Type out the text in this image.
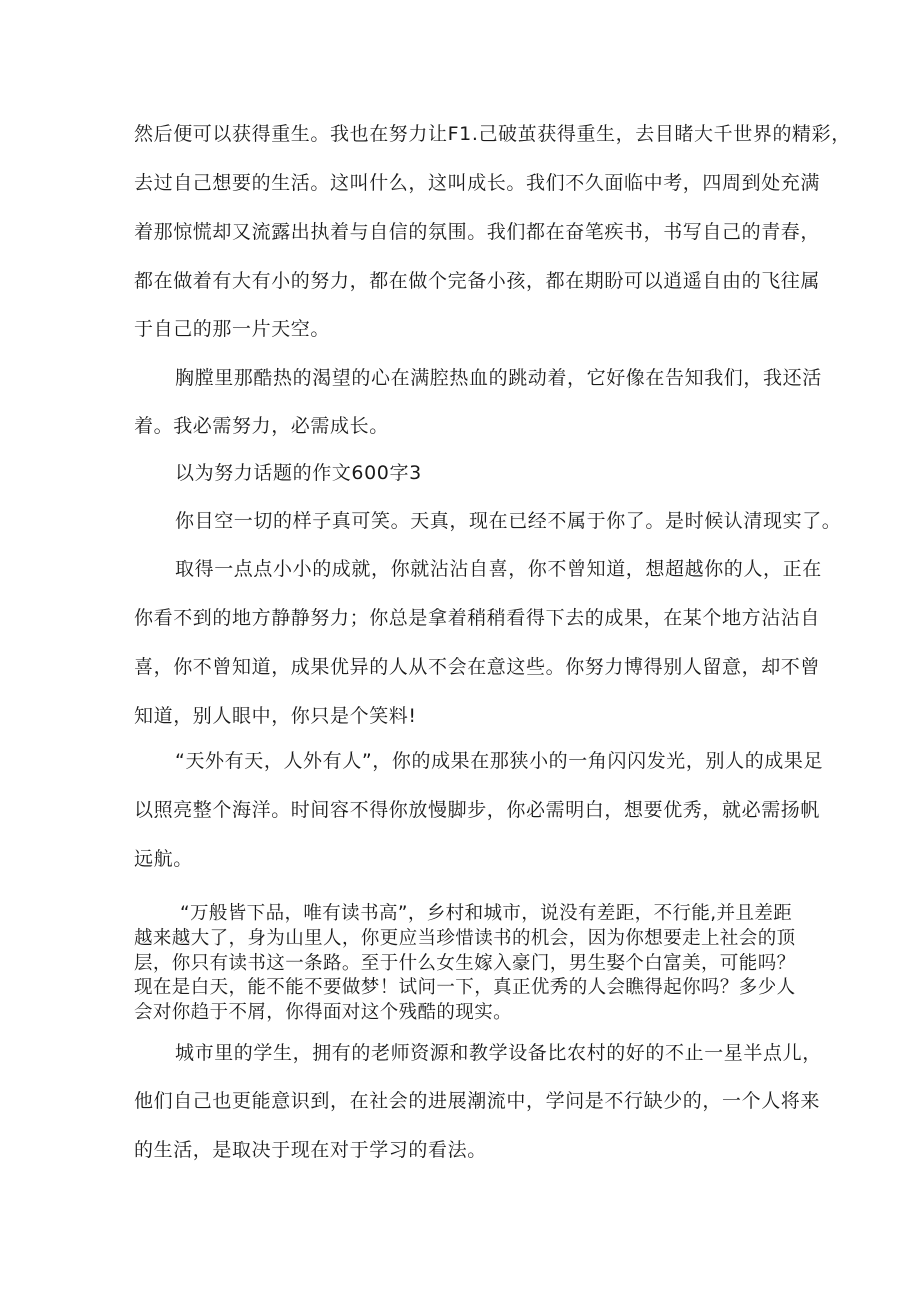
然后便可以获得重生。我也在努力让F1.己破茧获得重生，去目睹大千世界的精彩，
去过自己想要的生活。这叫什么，这叫成长。我们不久面临中考，四周到处充满
着那惊慌却又流露出执着与自信的氛围。我们都在奋笔疾书，书写自己的青春，
都在做着有大有小的努力，都在做个完备小孩，都在期盼可以逍遥自由的飞往属
于自己的那一片天空。
胸膛里那酷热的渴望的心在满腔热血的跳动着，它好像在告知我们，我还活
着。我必需努力，必需成长。
以为努力话题的作文600字3
你目空一切的样子真可笑。天真，现在已经不属于你了。是时候认清现实了。
取得一点点小小的成就，你就沾沾自喜，你不曾知道，想超越你的人，正在
你看不到的地方静静努力；你总是拿着稍稍看得下去的成果，在某个地方沾沾自
喜，你不曾知道，成果优异的人从不会在意这些。你努力博得别人留意，却不曾
知道，别人眼中，你只是个笑料!
“天外有天，人外有人”，你的成果在那狭小的一角闪闪发光，别人的成果足
以照亮整个海洋。时间容不得你放慢脚步，你必需明白，想要优秀，就必需扬帆
远航。
“万般皆下品，唯有读书高”，乡村和城市，说没有差距，不行能,并且差距
越来越大了，身为山里人，你更应当珍惜读书的机会，因为你想要走上社会的顶
层，你只有读书这一条路。至于什么女生嫁入豪门，男生娶个白富美，可能吗？
现在是白天，能不能不要做梦！试问一下，真正优秀的人会瞧得起你吗？多少人
会对你趋于不屑，你得面对这个残酷的现实。
城市里的学生，拥有的老师资源和教学设备比农村的好的不止一星半点儿，
他们自己也更能意识到，在社会的进展潮流中，学问是不行缺少的，一个人将来
的生活，是取决于现在对于学习的看法。
